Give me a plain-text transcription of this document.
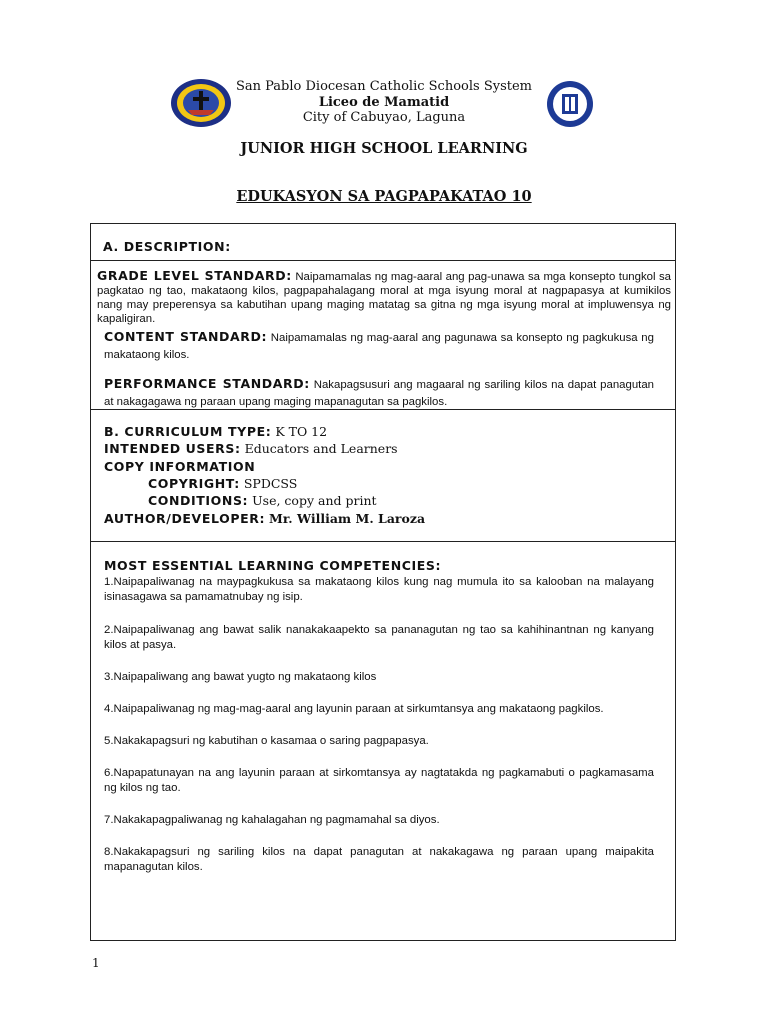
San Pablo Diocesan Catholic Schools System
Liceo de Mamatid
City of Cabuyao, Laguna
JUNIOR HIGH SCHOOL LEARNING
EDUKASYON SA PAGPAPAKATAO 10
A. DESCRIPTION:
GRADE LEVEL STANDARD: Naipamamalas ng mag-aaral ang pag-unawa sa mga konsepto tungkol sa pagkatao ng tao, makataong kilos, pagpapahalagang moral at mga isyung moral at nagpapasya at kumikilos nang may preperensya sa kabutihan upang maging matatag sa gitna ng mga isyung moral at impluwensya ng kapaligiran.
CONTENT STANDARD: Naipamamalas ng mag-aaral ang pagunawa sa konsepto ng pagkukusa ng makataong kilos.
PERFORMANCE STANDARD: Nakapagsusuri ang magaaral ng sariling kilos na dapat panagutan at nakagagawa ng paraan upang maging mapanagutan sa pagkilos.
B. CURRICULUM TYPE: K TO 12
INTENDED USERS: Educators and Learners
COPY INFORMATION
COPYRIGHT: SPDCSS
CONDITIONS: Use, copy and print
AUTHOR/DEVELOPER: Mr. William M. Laroza
MOST ESSENTIAL LEARNING COMPETENCIES:
1.Naipapaliwanag na maypagkukusa sa makataong kilos kung nag mumula ito sa kalooban na malayang isinasagawa sa pamamatnubay ng isip.
2.Naipapaliwanag ang bawat salik nanakakaapekto sa pananagutan ng tao sa kahihinantnan ng kanyang kilos at pasya.
3.Naipapaliwang ang bawat yugto ng makataong kilos
4.Naipapaliwanag ng mag-mag-aaral ang layunin paraan at sirkumtansya ang makataong pagkilos.
5.Nakakapagsuri ng kabutihan o kasamaa o saring pagpapasya.
6.Napapatunayan na ang layunin paraan at sirkomtansya ay nagtatakda ng pagkamabuti o pagkamasama ng kilos ng tao.
7.Nakakapagpaliwanag ng kahalagahan ng pagmamahal sa diyos.
8.Nakakapagsuri ng sariling kilos na dapat panagutan at nakakagawa ng paraan upang maipakita mapanagutan kilos.
1
